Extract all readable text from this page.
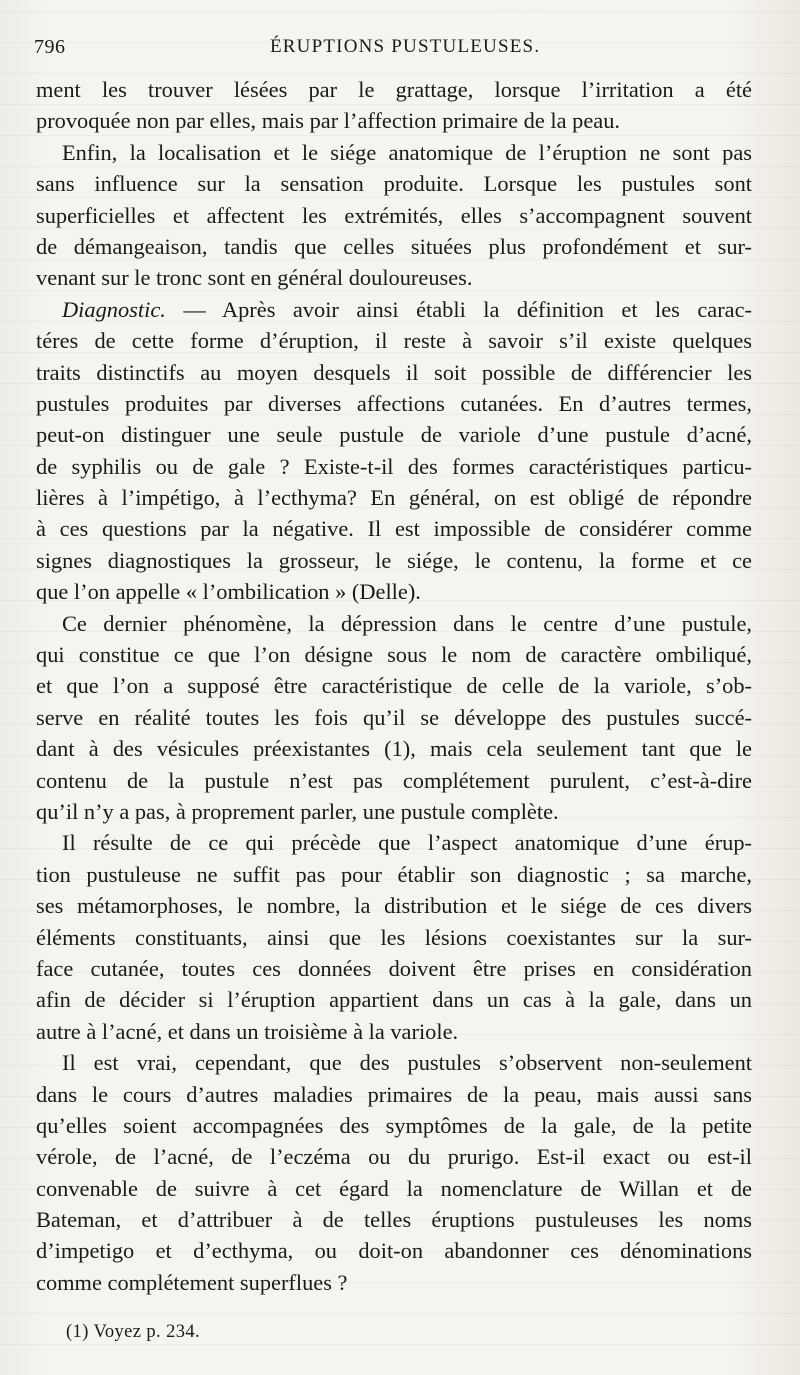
796	ÉRUPTIONS PUSTULEUSES.
ment les trouver lésées par le grattage, lorsque l’irritation a été
provoquée non par elles, mais par l’affection primaire de la peau.
Enfin, la localisation et le siége anatomique de l’éruption ne sont pas
sans influence sur la sensation produite. Lorsque les pustules sont
superficielles et affectent les extrémités, elles s’accompagnent souvent
de démangeaison, tandis que celles situées plus profondément et sur-
venant sur le tronc sont en général douloureuses.
Diagnostic. — Après avoir ainsi établi la définition et les carac-
téres de cette forme d’éruption, il reste à savoir s’il existe quelques
traits distinctifs au moyen desquels il soit possible de différencier les
pustules produites par diverses affections cutanées. En d’autres termes,
peut-on distinguer une seule pustule de variole d’une pustule d’acné,
de syphilis ou de gale ? Existe-t-il des formes caractéristiques particu-
lières à l’impétigo, à l’ecthyma? En général, on est obligé de répondre
à ces questions par la négative. Il est impossible de considérer comme
signes diagnostiques la grosseur, le siége, le contenu, la forme et ce
que l’on appelle « l’ombilication » (Delle).
Ce dernier phénomène, la dépression dans le centre d’une pustule,
qui constitue ce que l’on désigne sous le nom de caractère ombiliqué,
et que l’on a supposé être caractéristique de celle de la variole, s’ob-
serve en réalité toutes les fois qu’il se développe des pustules succé-
dant à des vésicules préexistantes (1), mais cela seulement tant que le
contenu de la pustule n’est pas complétement purulent, c’est-à-dire
qu’il n’y a pas, à proprement parler, une pustule complète.
Il résulte de ce qui précède que l’aspect anatomique d’une érup-
tion pustuleuse ne suffit pas pour établir son diagnostic ; sa marche,
ses métamorphoses, le nombre, la distribution et le siége de ces divers
éléments constituants, ainsi que les lésions coexistantes sur la sur-
face cutanée, toutes ces données doivent être prises en considération
afin de décider si l’éruption appartient dans un cas à la gale, dans un
autre à l’acné, et dans un troisième à la variole.
Il est vrai, cependant, que des pustules s’observent non-seulement
dans le cours d’autres maladies primaires de la peau, mais aussi sans
qu’elles soient accompagnées des symptômes de la gale, de la petite
vérole, de l’acné, de l’eczéma ou du prurigo. Est-il exact ou est-il
convenable de suivre à cet égard la nomenclature de Willan et de
Bateman, et d’attribuer à de telles éruptions pustuleuses les noms
d’impetigo et d’ecthyma, ou doit-on abandonner ces dénominations
comme complétement superflues ?
(1) Voyez p. 234.
